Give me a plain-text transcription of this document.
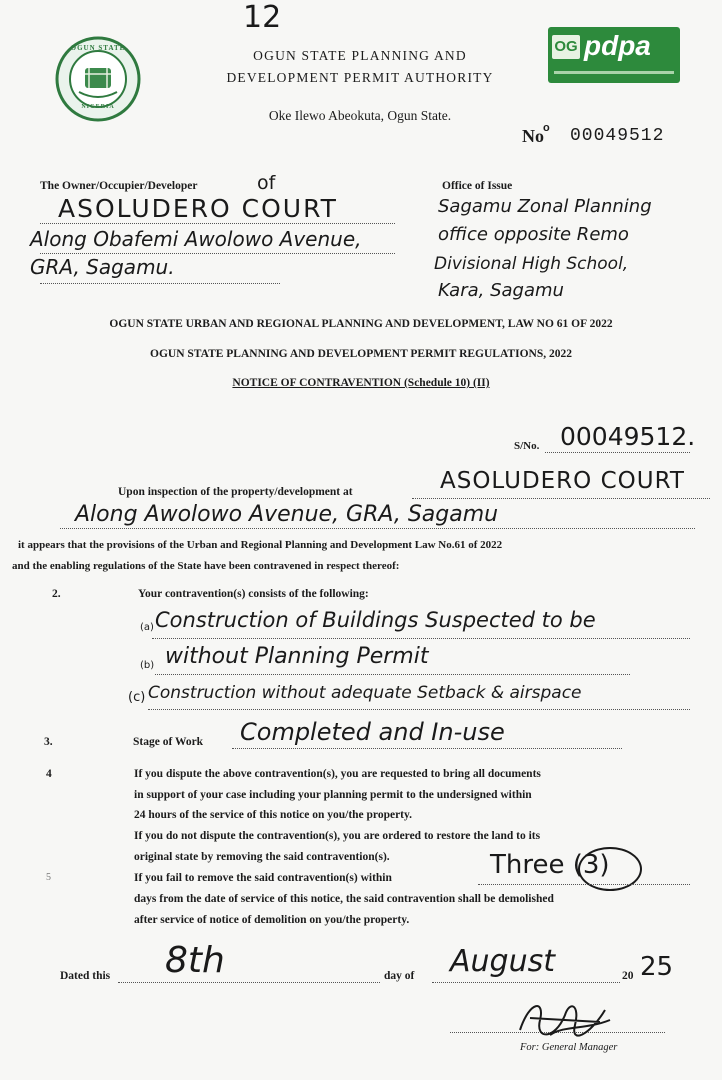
12
OGUN STATE
NIGERIA
OGUN STATE PLANNING AND
DEVELOPMENT PERMIT AUTHORITY
Oke Ilewo Abeokuta, Ogun State.
OG pdpa
No o 00049512
The Owner/Occupier/Developer	of
ASOLUDERO COURT
Along Obafemi Awolowo Avenue,
GRA, Sagamu.
Office of Issue
Sagamu Zonal Planning
office opposite Remo
Divisional High School,
Kara, Sagamu
OGUN STATE URBAN AND REGIONAL PLANNING AND DEVELOPMENT, LAW NO 61 OF 2022
OGUN STATE PLANNING AND DEVELOPMENT PERMIT REGULATIONS, 2022
NOTICE OF CONTRAVENTION (Schedule 10) (II)
S/No. 00049512.
Upon inspection of the property/development at	ASOLUDERO COURT
Along Awolowo Avenue, GRA, Sagamu
it appears that the provisions of the Urban and Regional Planning and Development Law No.61 of 2022
and the enabling regulations of the State have been contravened in respect thereof:
2.	Your contravention(s) consists of the following:
(a) Construction of Buildings Suspected to be
(b) without Planning Permit
(c) Construction without adequate Setback & airspace
3.	Stage of Work Completed and In-use
4	If you dispute the above contravention(s), you are requested to bring all documents
in support of your case including your planning permit to the undersigned within
24 hours of the service of this notice on you/the property.
If you do not dispute the contravention(s), you are ordered to restore the land to its
original state by removing the said contravention(s).
5	If you fail to remove the said contravention(s) within	Three (3)
days from the date of service of this notice, the said contravention shall be demolished
after service of notice of demolition on you/the property.
Dated this 8th	day of August	20 25
For: General Manager
